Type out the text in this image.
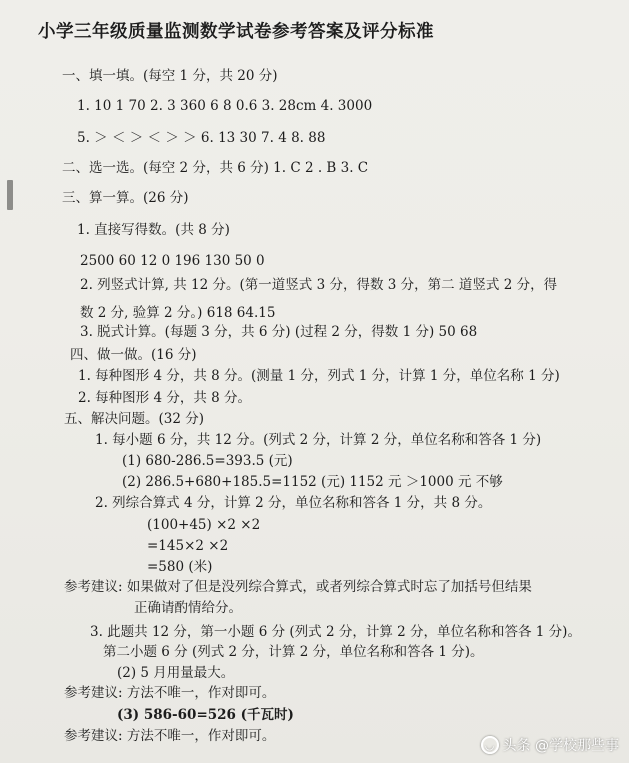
小学三年级质量监测数学试卷参考答案及评分标准
一、填一填。(每空 1 分，共 20 分)
1. 10 1 70 2. 3 360 6 8 0.6 3. 28cm 4. 3000
5. ＞ ＜ ＞ ＜ ＞ ＞ 6. 13 30 7. 4 8. 88
二、选一选。(每空 2 分，共 6 分) 1. C 2 . B 3. C
三、算一算。(26 分)
1. 直接写得数。(共 8 分)
2500 60 12 0 196 130 50 0
2. 列竖式计算, 共 12 分。(第一道竖式 3 分，得数 3 分，第二 道竖式 2 分，得
数 2 分, 验算 2 分。) 618 64.15
3. 脱式计算。(每题 3 分，共 6 分) (过程 2 分，得数 1 分) 50 68
四、做一做。(16 分)
1. 每种图形 4 分，共 8 分。(测量 1 分，列式 1 分，计算 1 分，单位名称 1 分)
2. 每种图形 4 分，共 8 分。
五、解决问题。(32 分)
1. 每小题 6 分，共 12 分。(列式 2 分，计算 2 分，单位名称和答各 1 分)
(1) 680-286.5=393.5 (元)
(2) 286.5+680+185.5=1152 (元) 1152 元 ＞1000 元 不够
2. 列综合算式 4 分，计算 2 分，单位名称和答各 1 分，共 8 分。
(100+45) ×2 ×2
=145×2 ×2
=580 (米)
参考建议: 如果做对了但是没列综合算式，或者列综合算式时忘了加括号但结果
正确请酌情给分。
3. 此题共 12 分，第一小题 6 分 (列式 2 分，计算 2 分，单位名称和答各 1 分)。
第二小题 6 分 (列式 2 分，计算 2 分，单位名称和答各 1 分)。
(2) 5 月用量最大。
参考建议: 方法不唯一，作对即可。
(3) 586-60=526 (千瓦时)
参考建议: 方法不唯一，作对即可。
◡ 头条 @学校那些事
